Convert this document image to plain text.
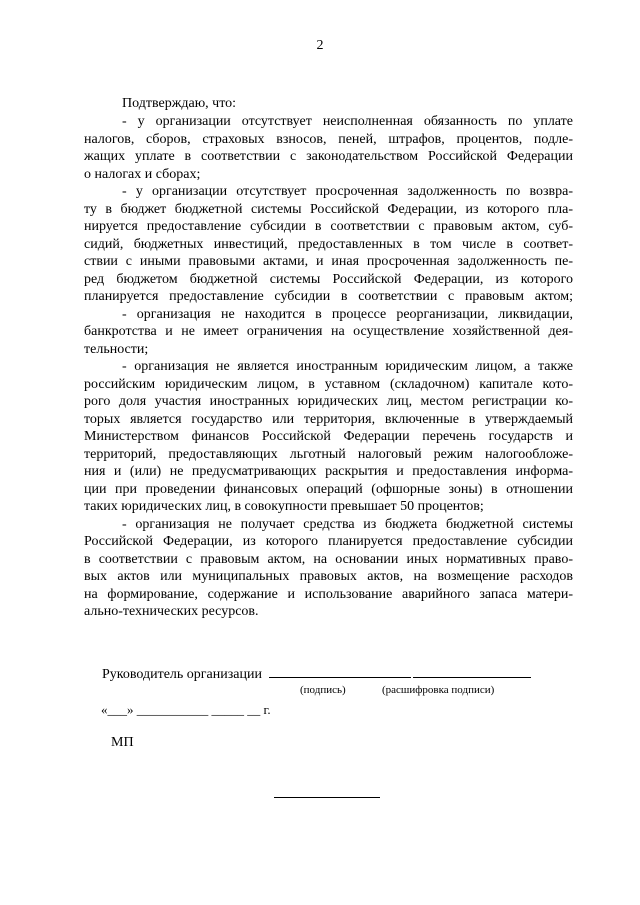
2
Подтверждаю, что:
- у организации отсутствует неисполненная обязанность по уплате
налогов, сборов, страховых взносов, пеней, штрафов, процентов, подле-
жащих уплате в соответствии с законодательством Российской Федерации
о налогах и сборах;
- у организации отсутствует просроченная задолженность по возвра-
ту в бюджет бюджетной системы Российской Федерации, из которого пла-
нируется предоставление субсидии в соответствии с правовым актом, суб-
сидий, бюджетных инвестиций, предоставленных в том числе в соответ-
ствии с иными правовыми актами, и иная просроченная задолженность пе-
ред бюджетом бюджетной системы Российской Федерации, из которого
планируется предоставление субсидии в соответствии с правовым актом;
- организация не находится в процессе реорганизации, ликвидации,
банкротства и не имеет ограничения на осуществление хозяйственной дея-
тельности;
- организация не является иностранным юридическим лицом, а также
российским юридическим лицом, в уставном (складочном) капитале кото-
рого доля участия иностранных юридических лиц, местом регистрации ко-
торых является государство или территория, включенные в утверждаемый
Министерством финансов Российской Федерации перечень государств и
территорий, предоставляющих льготный налоговый режим налогообложе-
ния и (или) не предусматривающих раскрытия и предоставления информа-
ции при проведении финансовых операций (офшорные зоны) в отношении
таких юридических лиц, в совокупности превышает 50 процентов;
- организация не получает средства из бюджета бюджетной системы
Российской Федерации, из которого планируется предоставление субсидии
в соответствии с правовым актом, на основании иных нормативных право-
вых актов или муниципальных правовых актов, на возмещение расходов
на формирование, содержание и использование аварийного запаса матери-
ально-технических ресурсов.
Руководитель организации
(подпись)	(расшифровка подписи)
«___» ___________ _____ __ г.
МП
